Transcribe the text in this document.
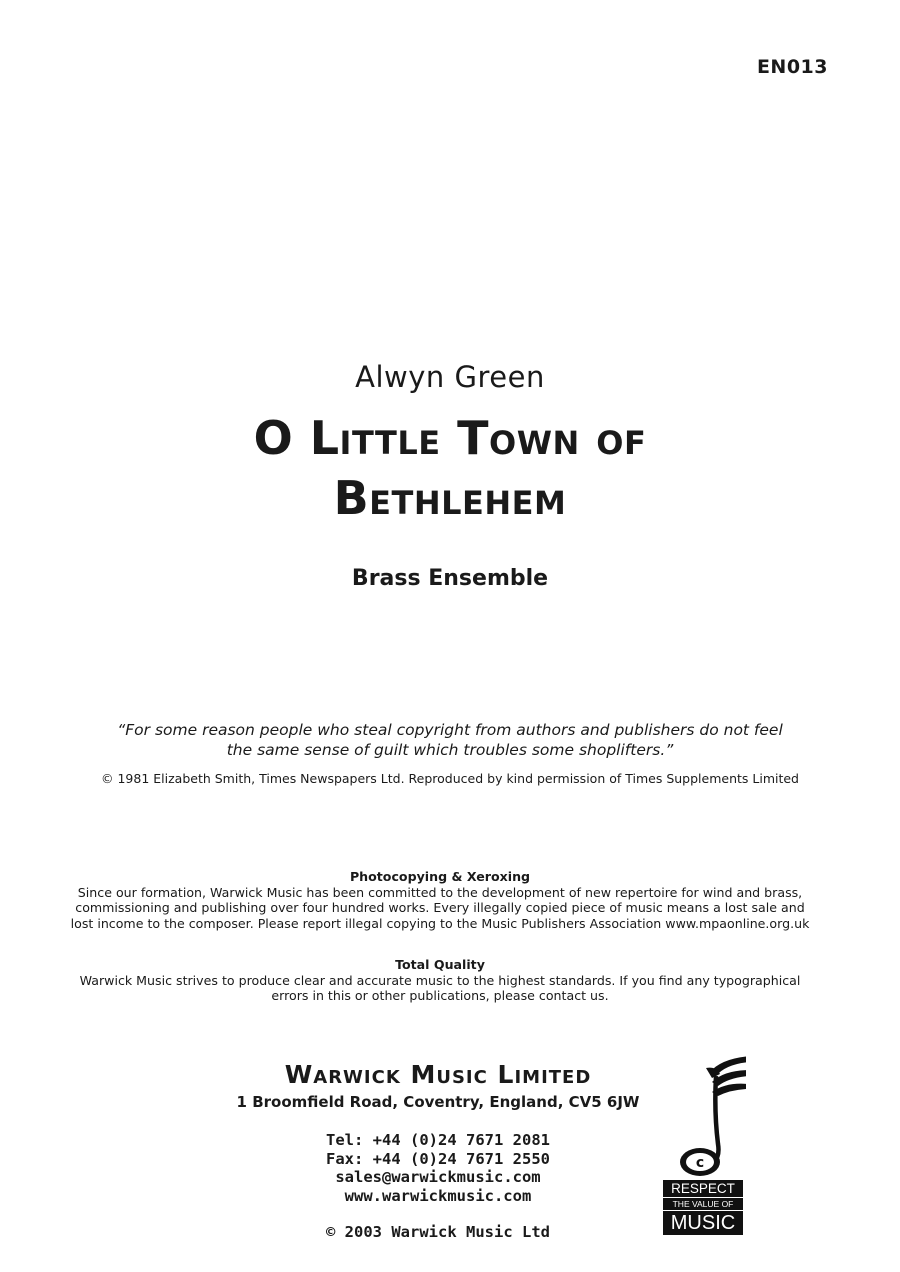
EN013
Alwyn Green
O Little Town of
Bethlehem
Brass Ensemble
“For some reason people who steal copyright from authors and publishers do not feel
the same sense of guilt which troubles some shoplifters.”
© 1981 Elizabeth Smith, Times Newspapers Ltd. Reproduced by kind permission of Times Supplements Limited
Photocopying & Xeroxing
Since our formation, Warwick Music has been committed to the development of new repertoire for wind and brass,
commissioning and publishing over four hundred works. Every illegally copied piece of music means a lost sale and
lost income to the composer. Please report illegal copying to the Music Publishers Association www.mpaonline.org.uk
Total Quality
Warwick Music strives to produce clear and accurate music to the highest standards. If you find any typographical
errors in this or other publications, please contact us.
Warwick Music Limited
1 Broomfield Road, Coventry, England, CV5 6JW
Tel: +44 (0)24 7671 2081
Fax: +44 (0)24 7671 2550
sales@warwickmusic.com
www.warwickmusic.com
© 2003 Warwick Music Ltd
c
RESPECT
THE VALUE OF
MUSIC
